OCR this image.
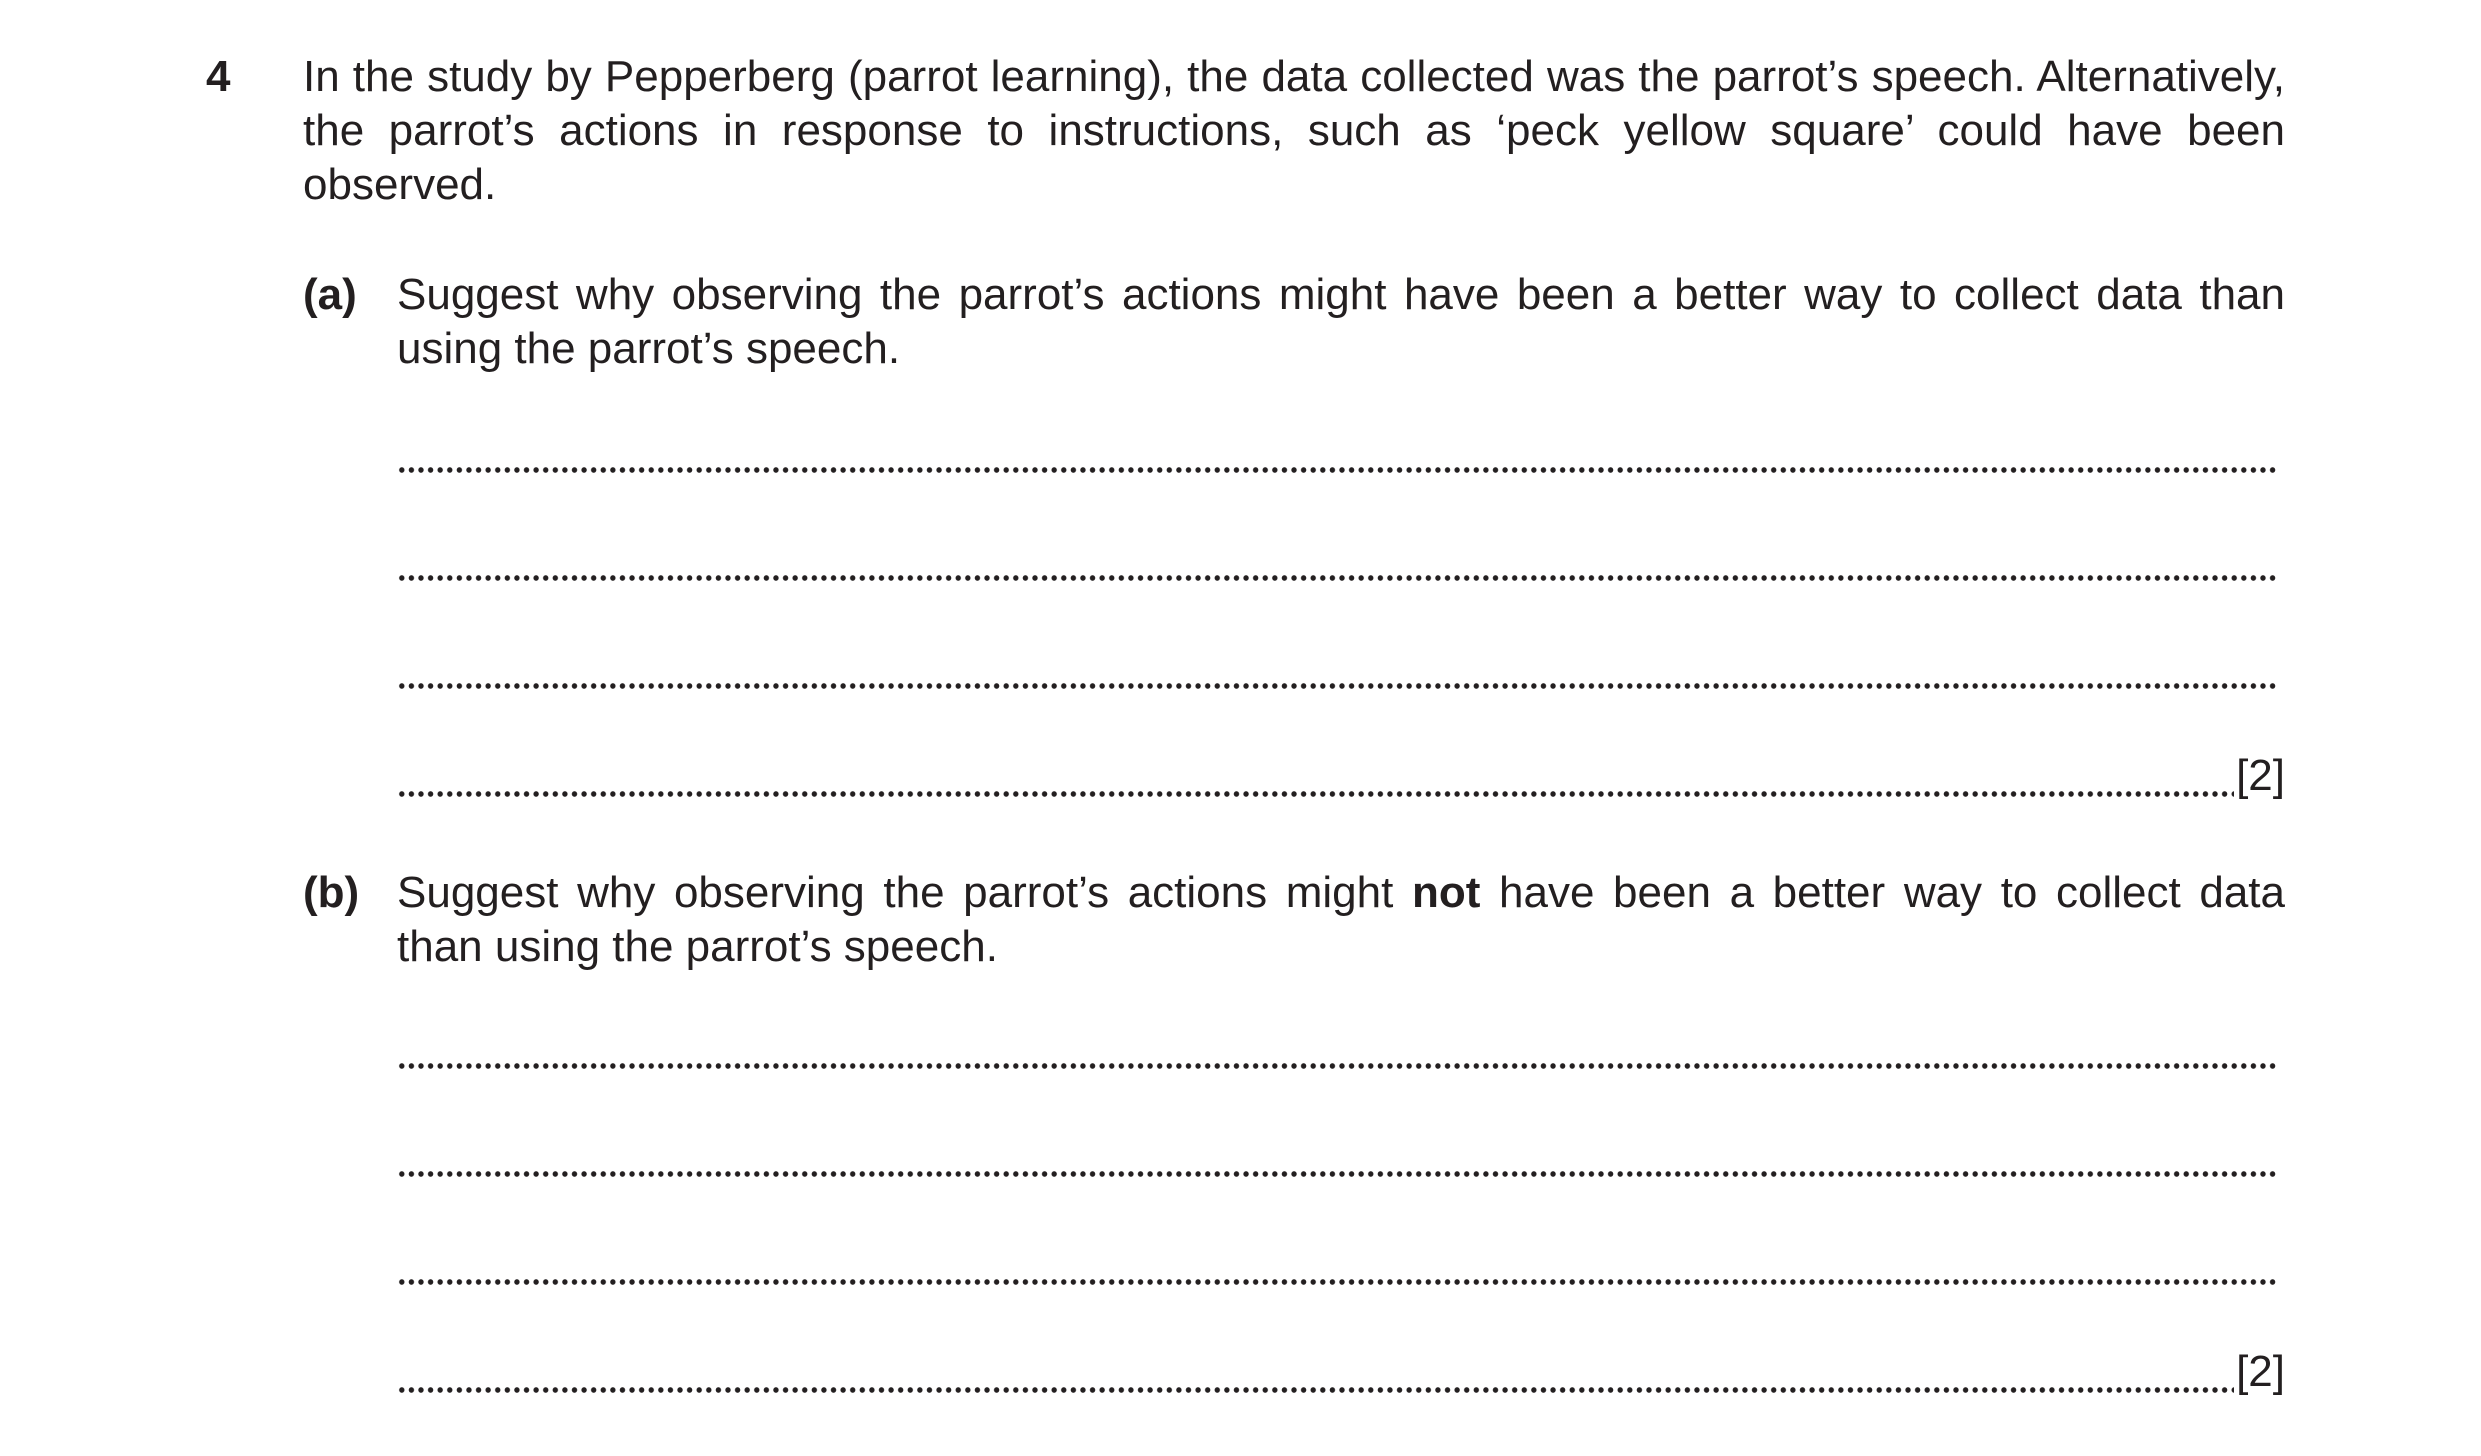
4 In the study by Pepperberg (parrot learning), the data collected was the parrot’s speech. Alternatively, the parrot’s actions in response to instructions, such as ‘peck yellow square’ could have been observed.
(a) Suggest why observing the parrot’s actions might have been a better way to collect data than using the parrot’s speech.
[2]
(b) Suggest why observing the parrot’s actions might not have been a better way to collect data than using the parrot’s speech.
[2]
